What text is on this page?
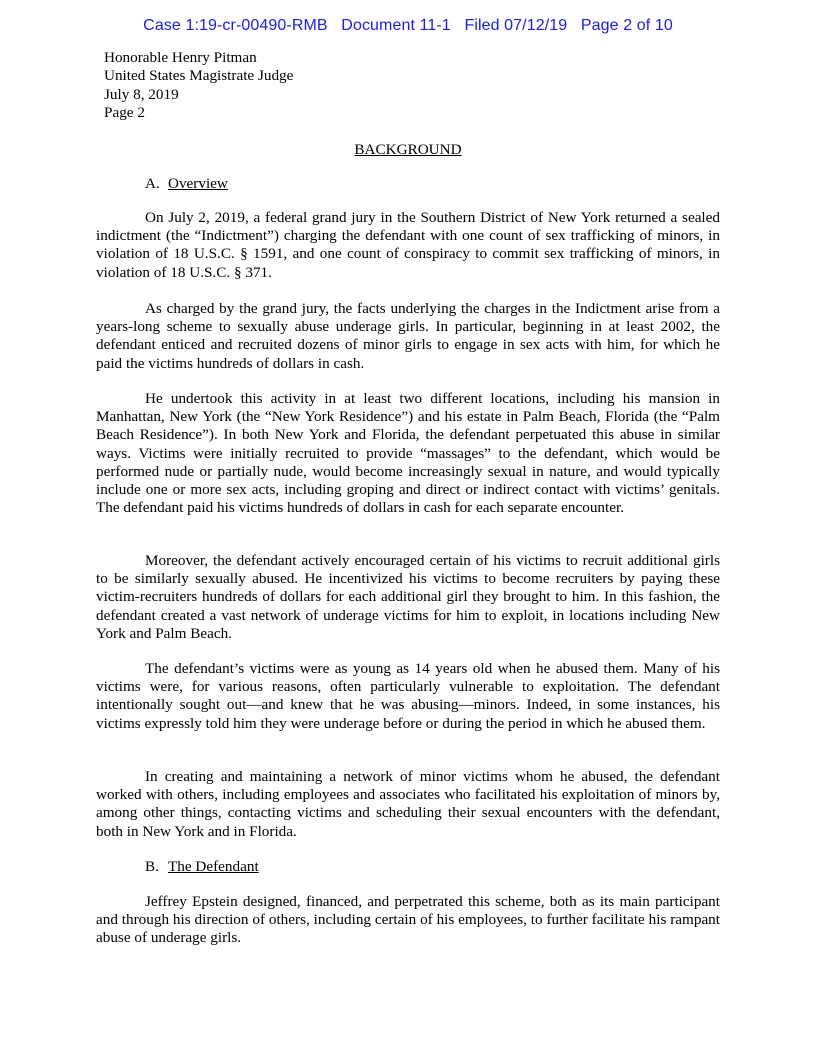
Case 1:19-cr-00490-RMB   Document 11-1   Filed 07/12/19   Page 2 of 10
Honorable Henry Pitman
United States Magistrate Judge
July 8, 2019
Page 2
BACKGROUND
A. Overview

On July 2, 2019, a federal grand jury in the Southern District of New York returned a sealed indictment (the “Indictment”) charging the defendant with one count of sex trafficking of minors, in violation of 18 U.S.C. § 1591, and one count of conspiracy to commit sex trafficking of minors, in violation of 18 U.S.C. § 371.

As charged by the grand jury, the facts underlying the charges in the Indictment arise from a years-long scheme to sexually abuse underage girls. In particular, beginning in at least 2002, the defendant enticed and recruited dozens of minor girls to engage in sex acts with him, for which he paid the victims hundreds of dollars in cash.

He undertook this activity in at least two different locations, including his mansion in Manhattan, New York (the “New York Residence”) and his estate in Palm Beach, Florida (the “Palm Beach Residence”). In both New York and Florida, the defendant perpetuated this abuse in similar ways. Victims were initially recruited to provide “massages” to the defendant, which would be performed nude or partially nude, would become increasingly sexual in nature, and would typically include one or more sex acts, including groping and direct or indirect contact with victims’ genitals. The defendant paid his victims hundreds of dollars in cash for each separate encounter.

Moreover, the defendant actively encouraged certain of his victims to recruit additional girls to be similarly sexually abused. He incentivized his victims to become recruiters by paying these victim-recruiters hundreds of dollars for each additional girl they brought to him. In this fashion, the defendant created a vast network of underage victims for him to exploit, in locations including New York and Palm Beach.

The defendant’s victims were as young as 14 years old when he abused them. Many of his victims were, for various reasons, often particularly vulnerable to exploitation. The defendant intentionally sought out—and knew that he was abusing—minors. Indeed, in some instances, his victims expressly told him they were underage before or during the period in which he abused them.

In creating and maintaining a network of minor victims whom he abused, the defendant worked with others, including employees and associates who facilitated his exploitation of minors by, among other things, contacting victims and scheduling their sexual encounters with the defendant, both in New York and in Florida.

B. The Defendant

Jeffrey Epstein designed, financed, and perpetrated this scheme, both as its main participant and through his direction of others, including certain of his employees, to further facilitate his rampant abuse of underage girls.
